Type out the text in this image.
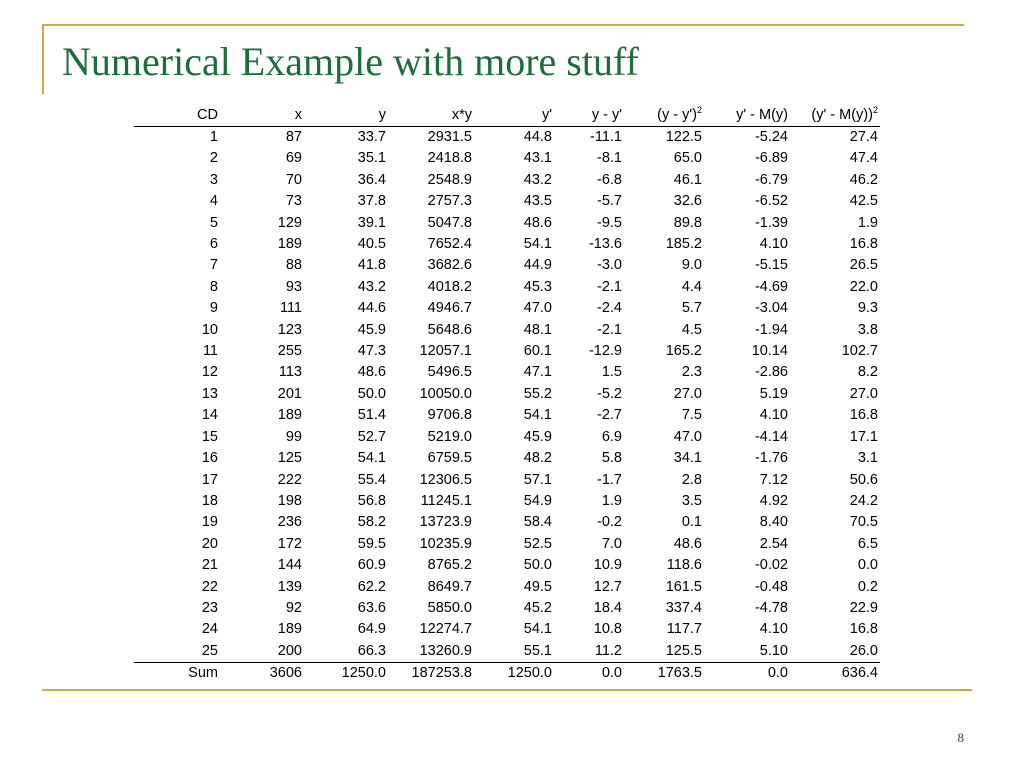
Numerical Example with more stuff
CD	x	y	x*y	y'	y - y'	(y - y')$^2$	y' - M(y)	(y' - M(y))$^2$
1	87	33.7	2931.5	44.8	-11.1	122.5	-5.24	27.4
2	69	35.1	2418.8	43.1	-8.1	65.0	-6.89	47.4
3	70	36.4	2548.9	43.2	-6.8	46.1	-6.79	46.2
4	73	37.8	2757.3	43.5	-5.7	32.6	-6.52	42.5
5	129	39.1	5047.8	48.6	-9.5	89.8	-1.39	1.9
6	189	40.5	7652.4	54.1	-13.6	185.2	4.10	16.8
7	88	41.8	3682.6	44.9	-3.0	9.0	-5.15	26.5
8	93	43.2	4018.2	45.3	-2.1	4.4	-4.69	22.0
9	111	44.6	4946.7	47.0	-2.4	5.7	-3.04	9.3
10	123	45.9	5648.6	48.1	-2.1	4.5	-1.94	3.8
11	255	47.3	12057.1	60.1	-12.9	165.2	10.14	102.7
12	113	48.6	5496.5	47.1	1.5	2.3	-2.86	8.2
13	201	50.0	10050.0	55.2	-5.2	27.0	5.19	27.0
14	189	51.4	9706.8	54.1	-2.7	7.5	4.10	16.8
15	99	52.7	5219.0	45.9	6.9	47.0	-4.14	17.1
16	125	54.1	6759.5	48.2	5.8	34.1	-1.76	3.1
17	222	55.4	12306.5	57.1	-1.7	2.8	7.12	50.6
18	198	56.8	11245.1	54.9	1.9	3.5	4.92	24.2
19	236	58.2	13723.9	58.4	-0.2	0.1	8.40	70.5
20	172	59.5	10235.9	52.5	7.0	48.6	2.54	6.5
21	144	60.9	8765.2	50.0	10.9	118.6	-0.02	0.0
22	139	62.2	8649.7	49.5	12.7	161.5	-0.48	0.2
23	92	63.6	5850.0	45.2	18.4	337.4	-4.78	22.9
24	189	64.9	12274.7	54.1	10.8	117.7	4.10	16.8
25	200	66.3	13260.9	55.1	11.2	125.5	5.10	26.0
Sum	3606	1250.0	187253.8	1250.0	0.0	1763.5	0.0	636.4
8
